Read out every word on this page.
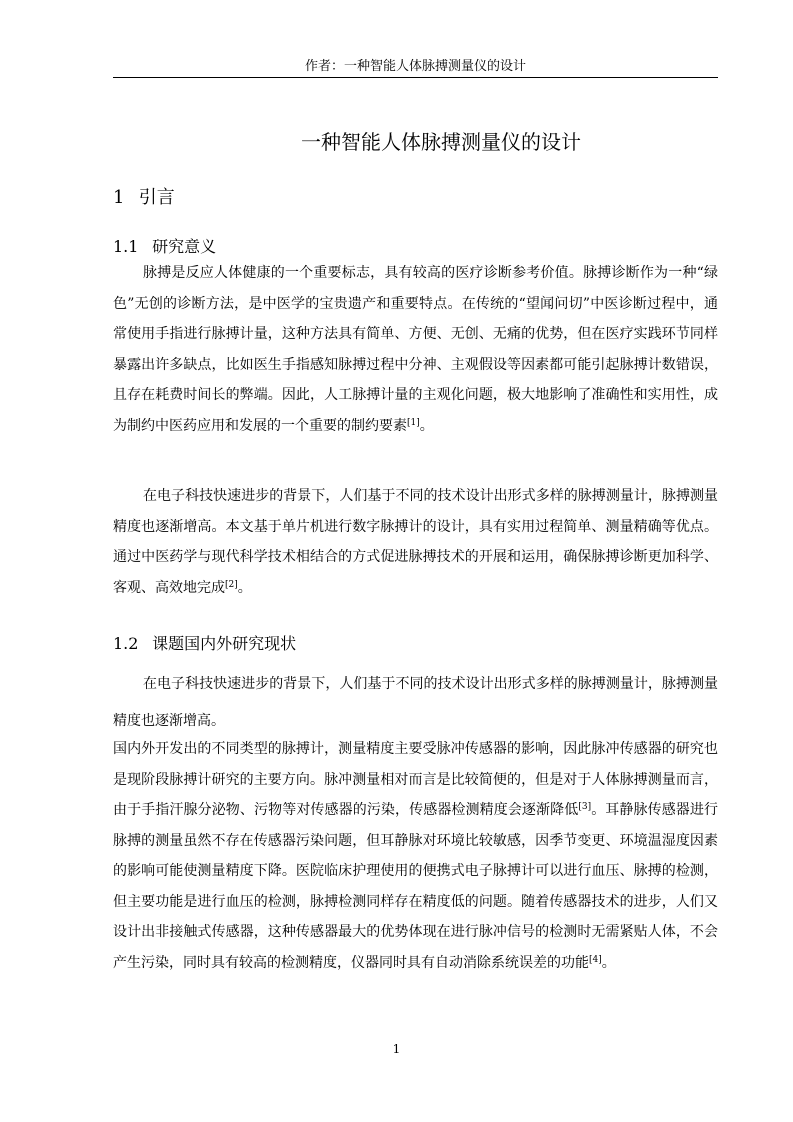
作者：一种智能人体脉搏测量仪的设计
一种智能人体脉搏测量仪的设计
1 引言
1.1 研究意义

脉搏是反应人体健康的一个重要标志，具有较高的医疗诊断参考价值。脉搏诊断作为一种“绿色”无创的诊断方法，是中医学的宝贵遗产和重要特点。在传统的“望闻问切”中医诊断过程中，通常使用手指进行脉搏计量，这种方法具有简单、方便、无创、无痛的优势，但在医疗实践环节同样暴露出许多缺点，比如医生手指感知脉搏过程中分神、主观假设等因素都可能引起脉搏计数错误，且存在耗费时间长的弊端。因此，人工脉搏计量的主观化问题，极大地影响了准确性和实用性，成为制约中医药应用和发展的一个重要的制约要素[1]。

在电子科技快速进步的背景下，人们基于不同的技术设计出形式多样的脉搏测量计，脉搏测量精度也逐渐增高。本文基于单片机进行数字脉搏计的设计，具有实用过程简单、测量精确等优点。通过中医药学与现代科学技术相结合的方式促进脉搏技术的开展和运用，确保脉搏诊断更加科学、客观、高效地完成[2]。

1.2 课题国内外研究现状

在电子科技快速进步的背景下，人们基于不同的技术设计出形式多样的脉搏测量计，脉搏测量精度也逐渐增高。

国内外开发出的不同类型的脉搏计，测量精度主要受脉冲传感器的影响，因此脉冲传感器的研究也是现阶段脉搏计研究的主要方向。脉冲测量相对而言是比较简便的，但是对于人体脉搏测量而言，由于手指汗腺分泌物、污物等对传感器的污染，传感器检测精度会逐渐降低[3]。耳静脉传感器进行脉搏的测量虽然不存在传感器污染问题，但耳静脉对环境比较敏感，因季节变更、环境温湿度因素的影响可能使测量精度下降。医院临床护理使用的便携式电子脉搏计可以进行血压、脉搏的检测，但主要功能是进行血压的检测，脉搏检测同样存在精度低的问题。随着传感器技术的进步，人们又设计出非接触式传感器，这种传感器最大的优势体现在进行脉冲信号的检测时无需紧贴人体，不会产生污染，同时具有较高的检测精度，仪器同时具有自动消除系统误差的功能[4]。

1
